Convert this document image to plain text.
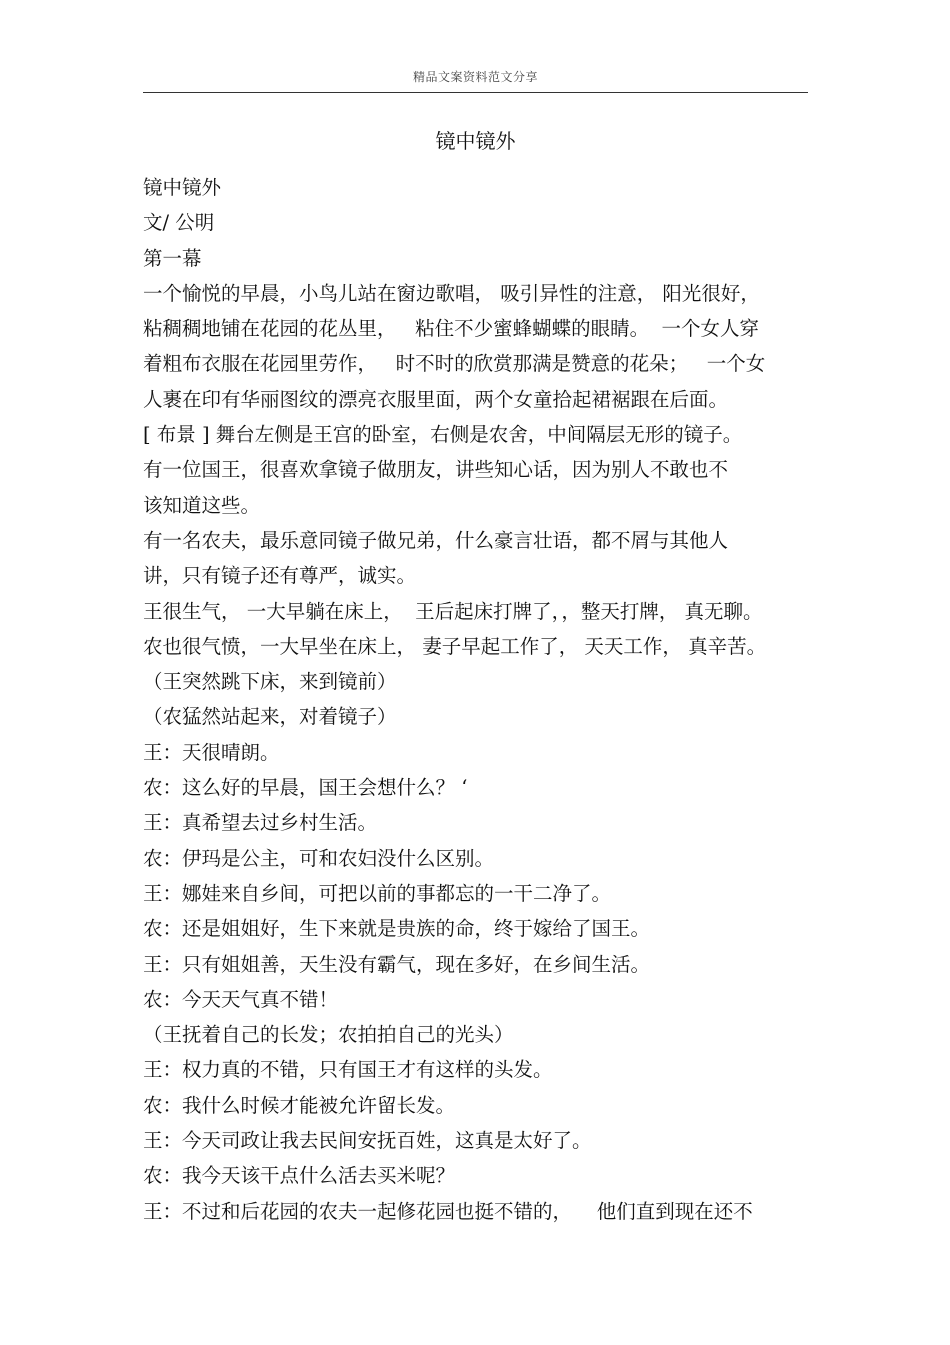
精品文案资料范文分享
镜中镜外
镜中镜外
文/ 公明
第一幕
一个愉悦的早晨，小鸟儿站在窗边歌唱， 吸引异性的注意， 阳光很好，
粘稠稠地铺在花园的花丛里，   粘住不少蜜蜂蝴蝶的眼睛。  一个女人穿
着粗布衣服在花园里劳作，   时不时的欣赏那满是赞意的花朵；   一个女
人裹在印有华丽图纹的漂亮衣服里面，两个女童拾起裙裾跟在后面。
[ 布景 ] 舞台左侧是王宫的卧室，右侧是农舍，中间隔层无形的镜子。
有一位国王，很喜欢拿镜子做朋友，讲些知心话，因为别人不敢也不
该知道这些。
有一名农夫，最乐意同镜子做兄弟，什么豪言壮语，都不屑与其他人
讲，只有镜子还有尊严，诚实。
王很生气， 一大早躺在床上，  王后起床打牌了，，整天打牌， 真无聊。
农也很气愤，一大早坐在床上， 妻子早起工作了， 天天工作， 真辛苦。
（王突然跳下床，来到镜前）
（农猛然站起来，对着镜子）
王：天很晴朗。
农：这么好的早晨，国王会想什么？ ‘
王：真希望去过乡村生活。
农：伊玛是公主，可和农妇没什么区别。
王：娜娃来自乡间，可把以前的事都忘的一干二净了。
农：还是姐姐好，生下来就是贵族的命，终于嫁给了国王。
王：只有姐姐善，天生没有霸气，现在多好，在乡间生活。
农：今天天气真不错！
（王抚着自己的长发；农拍拍自己的光头）
王：权力真的不错，只有国王才有这样的头发。
农：我什么时候才能被允许留长发。
王：今天司政让我去民间安抚百姓，这真是太好了。
农：我今天该干点什么活去买米呢？
王：不过和后花园的农夫一起修花园也挺不错的，    他们直到现在还不
